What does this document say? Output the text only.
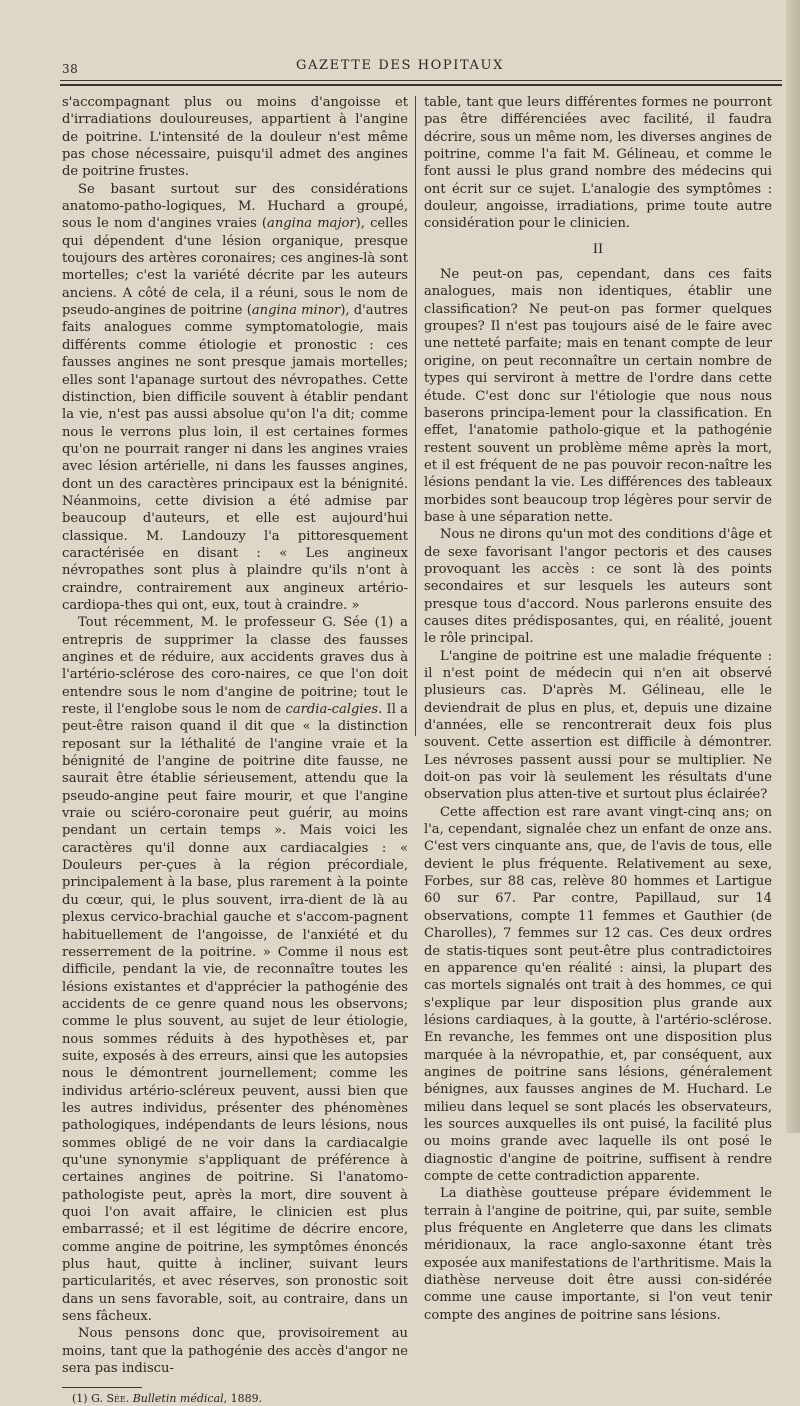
38	GAZETTE DES HOPITAUX

s'accompagnant plus ou moins d'angoisse et d'irradiations douloureuses, appartient à l'angine de poitrine. L'intensité de la douleur n'est même pas chose nécessaire, puisqu'il admet des angines de poitrine frustes.

Se basant surtout sur des considérations anatomo-patho-logiques, M. Huchard a groupé, sous le nom d'angines vraies (angina major), celles qui dépendent d'une lésion organique, presque toujours des artères coronaires; ces angines-là sont mortelles; c'est la variété décrite par les auteurs anciens. A côté de cela, il a réuni, sous le nom de pseudo-angines de poitrine (angina minor), d'autres faits analogues comme symptomatologie, mais différents comme étiologie et pronostic : ces fausses angines ne sont presque jamais mortelles; elles sont l'apanage surtout des névropathes. Cette distinction, bien difficile souvent à établir pendant la vie, n'est pas aussi absolue qu'on l'a dit; comme nous le verrons plus loin, il est certaines formes qu'on ne pourrait ranger ni dans les angines vraies avec lésion artérielle, ni dans les fausses angines, dont un des caractères principaux est la bénignité. Néanmoins, cette division a été admise par beaucoup d'auteurs, et elle est aujourd'hui classique. M. Landouzy l'a pittoresquement caractérisée en disant : « Les angineux névropathes sont plus à plaindre qu'ils n'ont à craindre, contrairement aux angineux artério-cardiopa-thes qui ont, eux, tout à craindre. »

Tout récemment, M. le professeur G. Sée (1) a entrepris de supprimer la classe des fausses angines et de réduire, aux accidents graves dus à l'artério-sclérose des coro-naires, ce que l'on doit entendre sous le nom d'angine de poitrine; tout le reste, il l'englobe sous le nom de cardia-calgies. Il a peut-être raison quand il dit que « la distinction reposant sur la léthalité de l'angine vraie et la bénignité de l'angine de poitrine dite fausse, ne saurait être établie sérieusement, attendu que la pseudo-angine peut faire mourir, et que l'angine vraie ou sciéro-coronaire peut guérir, au moins pendant un certain temps ». Mais voici les caractères qu'il donne aux cardiacalgies : « Douleurs per-çues à la région précordiale, principalement à la base, plus rarement à la pointe du cœur, qui, le plus souvent, irra-dient de là au plexus cervico-brachial gauche et s'accom-pagnent habituellement de l'angoisse, de l'anxiété et du resserrement de la poitrine. » Comme il nous est difficile, pendant la vie, de reconnaître toutes les lésions existantes et d'apprécier la pathogénie des accidents de ce genre quand nous les observons; comme le plus souvent, au sujet de leur étiologie, nous sommes réduits à des hypothèses et, par suite, exposés à des erreurs, ainsi que les autopsies nous le démontrent journellement; comme les individus artério-scléreux peuvent, aussi bien que les autres individus, présenter des phénomènes pathologiques, indépendants de leurs lésions, nous sommes obligé de ne voir dans la cardiacalgie qu'une synonymie s'appliquant de préférence à certaines angines de poitrine. Si l'anatomo-pathologiste peut, après la mort, dire souvent à quoi l'on avait affaire, le clinicien est plus embarrassé; et il est légitime de décrire encore, comme angine de poitrine, les symptômes énoncés plus haut, quitte à incliner, suivant leurs particularités, et avec réserves, son pronostic soit dans un sens favorable, soit, au contraire, dans un sens fâcheux.

Nous pensons donc que, provisoirement au moins, tant que la pathogénie des accès d'angor ne sera pas indiscu-

(1) G. Sée. Bulletin médical, 1889.

table, tant que leurs différentes formes ne pourront pas être différenciées avec facilité, il faudra décrire, sous un même nom, les diverses angines de poitrine, comme l'a fait M. Gélineau, et comme le font aussi le plus grand nombre des médecins qui ont écrit sur ce sujet. L'analogie des symptômes : douleur, angoisse, irradiations, prime toute autre considération pour le clinicien.

II

Ne peut-on pas, cependant, dans ces faits analogues, mais non identiques, établir une classification? Ne peut-on pas former quelques groupes? Il n'est pas toujours aisé de le faire avec une netteté parfaite; mais en tenant compte de leur origine, on peut reconnaître un certain nombre de types qui serviront à mettre de l'ordre dans cette étude. C'est donc sur l'étiologie que nous nous baserons principa-lement pour la classification. En effet, l'anatomie patholo-gique et la pathogénie restent souvent un problème même après la mort, et il est fréquent de ne pas pouvoir recon-naître les lésions pendant la vie. Les différences des tableaux morbides sont beaucoup trop légères pour servir de base à une séparation nette.

Nous ne dirons qu'un mot des conditions d'âge et de sexe favorisant l'angor pectoris et des causes provoquant les accès : ce sont là des points secondaires et sur lesquels les auteurs sont presque tous d'accord. Nous parlerons ensuite des causes dites prédisposantes, qui, en réalité, jouent le rôle principal.

L'angine de poitrine est une maladie fréquente : il n'est point de médecin qui n'en ait observé plusieurs cas. D'après M. Gélineau, elle le deviendrait de plus en plus, et, depuis une dizaine d'années, elle se rencontrerait deux fois plus souvent. Cette assertion est difficile à démontrer. Les névroses passent aussi pour se multiplier. Ne doit-on pas voir là seulement les résultats d'une observation plus atten-tive et surtout plus éclairée?

Cette affection est rare avant vingt-cinq ans; on l'a, cependant, signalée chez un enfant de onze ans. C'est vers cinquante ans, que, de l'avis de tous, elle devient le plus fréquente. Relativement au sexe, Forbes, sur 88 cas, relève 80 hommes et Lartigue 60 sur 67. Par contre, Papillaud, sur 14 observations, compte 11 femmes et Gauthier (de Charolles), 7 femmes sur 12 cas. Ces deux ordres de statis-tiques sont peut-être plus contradictoires en apparence qu'en réalité : ainsi, la plupart des cas mortels signalés ont trait à des hommes, ce qui s'explique par leur disposition plus grande aux lésions cardiaques, à la goutte, à l'artério-sclérose. En revanche, les femmes ont une disposition plus marquée à la névropathie, et, par conséquent, aux angines de poitrine sans lésions, généralement bénignes, aux fausses angines de M. Huchard. Le milieu dans lequel se sont placés les observateurs, les sources auxquelles ils ont puisé, la facilité plus ou moins grande avec laquelle ils ont posé le diagnostic d'angine de poitrine, suffisent à rendre compte de cette contradiction apparente.

La diathèse goutteuse prépare évidemment le terrain à l'angine de poitrine, qui, par suite, semble plus fréquente en Angleterre que dans les climats méridionaux, la race anglo-saxonne étant très exposée aux manifestations de l'arthritisme. Mais la diathèse nerveuse doit être aussi con-sidérée comme une cause importante, si l'on veut tenir compte des angines de poitrine sans lésions.
